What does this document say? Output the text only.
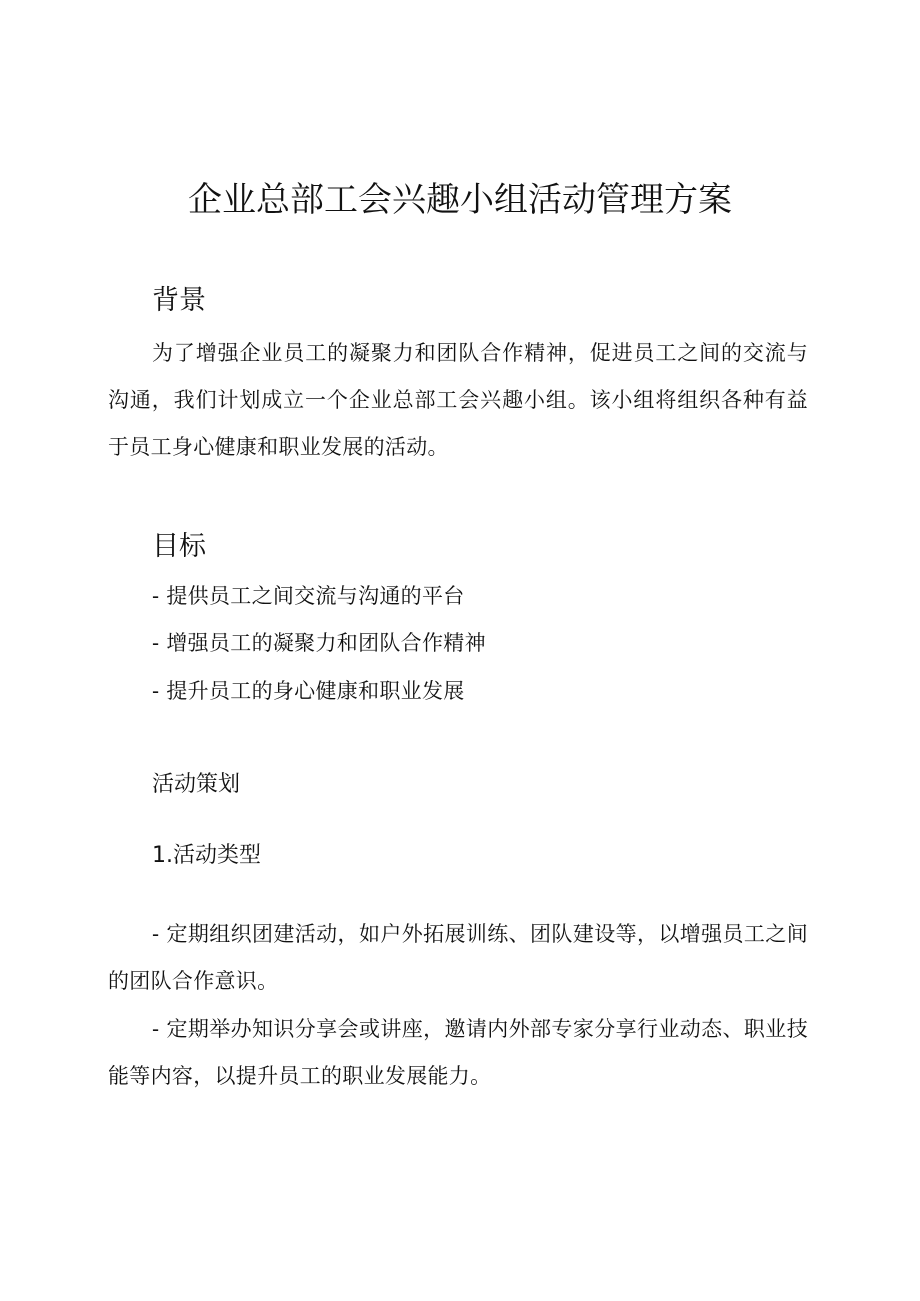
企业总部工会兴趣小组活动管理方案
背景
为了增强企业员工的凝聚力和团队合作精神，促进员工之间的交流与沟通，我们计划成立一个企业总部工会兴趣小组。该小组将组织各种有益于员工身心健康和职业发展的活动。
目标
- 提供员工之间交流与沟通的平台
- 增强员工的凝聚力和团队合作精神
- 提升员工的身心健康和职业发展
活动策划
1.活动类型
- 定期组织团建活动，如户外拓展训练、团队建设等，以增强员工之间的团队合作意识。
- 定期举办知识分享会或讲座，邀请内外部专家分享行业动态、职业技能等内容，以提升员工的职业发展能力。
